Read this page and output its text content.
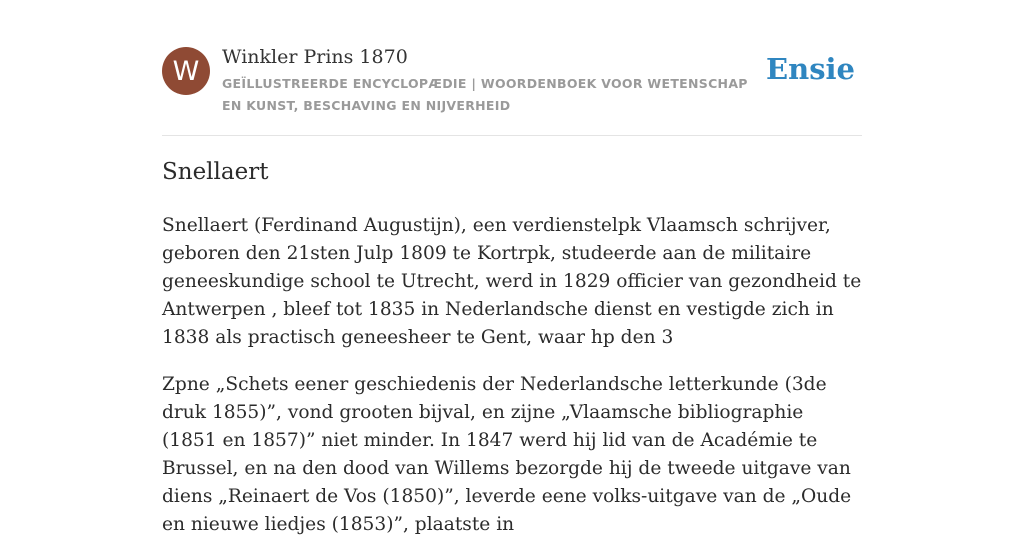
W	Winkler Prins 1870
GEÏLLUSTREERDE ENCYCLOPÆDIE | WOORDENBOEK VOOR WETENSCHAP EN KUNST, BESCHAVING EN NIJVERHEID
Ensie
Snellaert

Snellaert (Ferdinand Augustijn), een verdienstelpk Vlaamsch schrijver, geboren den 21sten Julp 1809 te Kortrpk, studeerde aan de militaire geneeskundige school te Utrecht, werd in 1829 officier van gezondheid te Antwerpen , bleef tot 1835 in Nederlandsche dienst en vestigde zich in 1838 als practisch geneesheer te Gent, waar hp den 3

Zpne „Schets eener geschiedenis der Nederlandsche letterkunde (3de druk 1855)”, vond grooten bijval, en zijne „Vlaamsche bibliographie (1851 en 1857)” niet minder. In 1847 werd hij lid van de Académie te Brussel, en na den dood van Willems bezorgde hij de tweede uitgave van diens „Reinaert de Vos (1850)”, leverde eene volks-uitgave van de „Oude en nieuwe liedjes (1853)”, plaatste in
